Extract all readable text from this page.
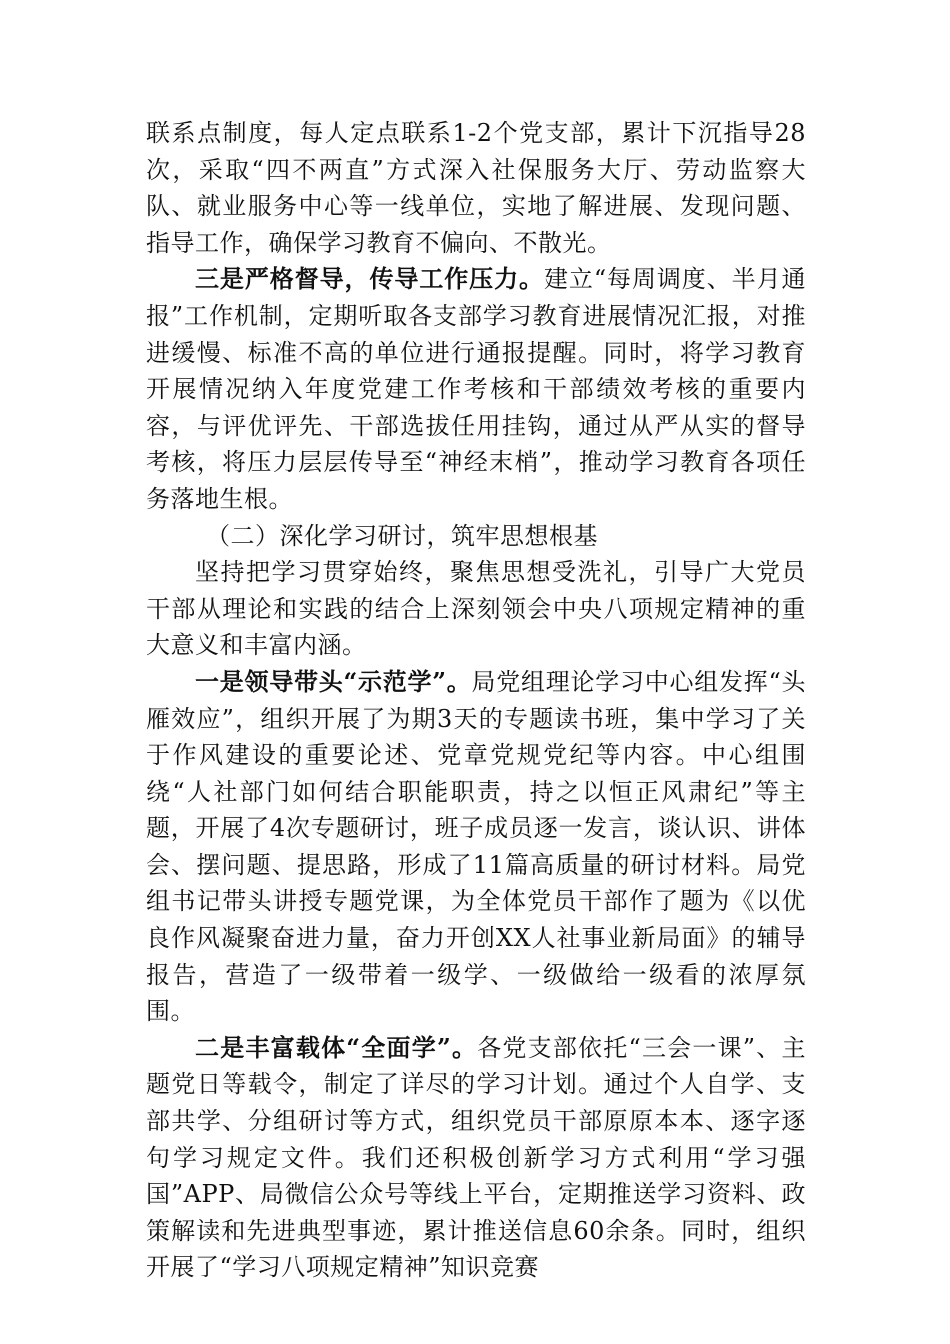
联系点制度，每人定点联系1-2个党支部，累计下沉指导28次，采取“四不两直”方式深入社保服务大厅、劳动监察大队、就业服务中心等一线单位，实地了解进展、发现问题、指导工作，确保学习教育不偏向、不散光。

三是严格督导，传导工作压力。建立“每周调度、半月通报”工作机制，定期听取各支部学习教育进展情况汇报，对推进缓慢、标准不高的单位进行通报提醒。同时，将学习教育开展情况纳入年度党建工作考核和干部绩效考核的重要内容，与评优评先、干部选拔任用挂钩，通过从严从实的督导考核，将压力层层传导至“神经末梢”，推动学习教育各项任务落地生根。

（二）深化学习研讨，筑牢思想根基

坚持把学习贯穿始终，聚焦思想受洗礼，引导广大党员干部从理论和实践的结合上深刻领会中央八项规定精神的重大意义和丰富内涵。

一是领导带头“示范学”。局党组理论学习中心组发挥“头雁效应”，组织开展了为期3天的专题读书班，集中学习了关于作风建设的重要论述、党章党规党纪等内容。中心组围绕“人社部门如何结合职能职责，持之以恒正风肃纪”等主题，开展了4次专题研讨，班子成员逐一发言，谈认识、讲体会、摆问题、提思路，形成了11篇高质量的研讨材料。局党组书记带头讲授专题党课，为全体党员干部作了题为《以优良作风凝聚奋进力量，奋力开创XX人社事业新局面》的辅导报告，营造了一级带着一级学、一级做给一级看的浓厚氛围。

二是丰富载体“全面学”。各党支部依托“三会一课”、主题党日等载令，制定了详尽的学习计划。通过个人自学、支部共学、分组研讨等方式，组织党员干部原原本本、逐字逐句学习规定文件。我们还积极创新学习方式利用“学习强国”APP、局微信公众号等线上平台，定期推送学习资料、政策解读和先进典型事迹，累计推送信息60余条。同时，组织开展了“学习八项规定精神”知识竞赛
